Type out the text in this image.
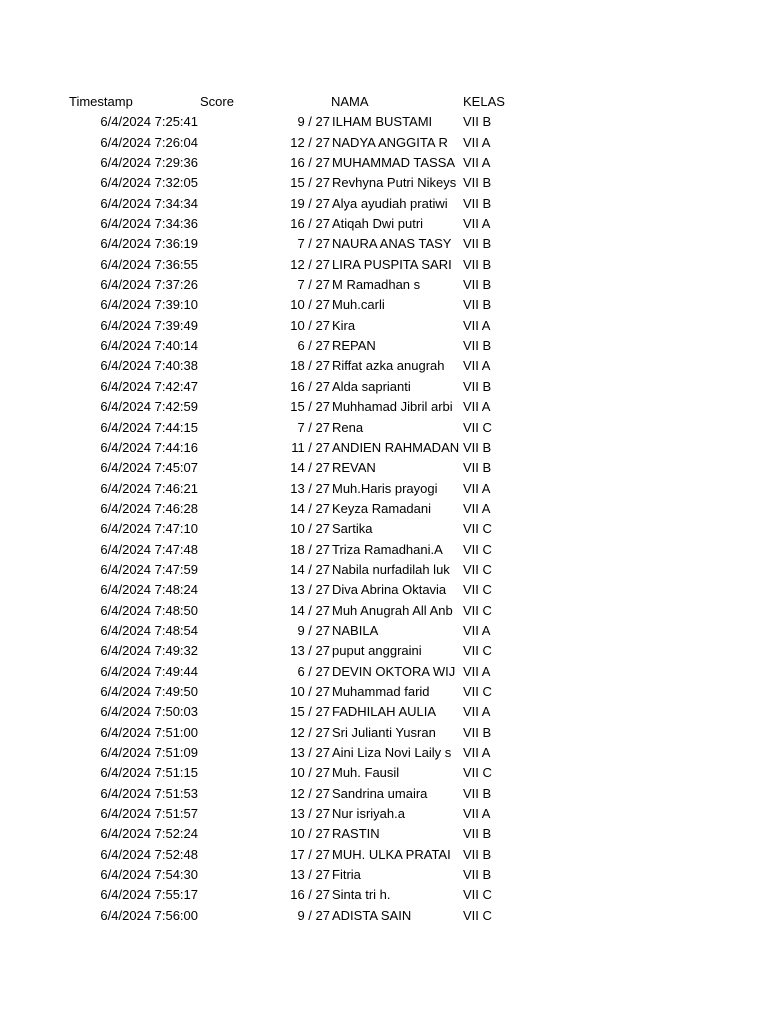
Timestamp	Score	NAMA	KELAS
6/4/2024 7:25:41	9 / 27 ILHAM BUSTAMI	VII B
6/4/2024 7:26:04	12 / 27 NADYA ANGGITA R	VII A
6/4/2024 7:29:36	16 / 27 MUHAMMAD TASSA VII A
6/4/2024 7:32:05	15 / 27 Revhyna Putri Nikeys VII B
6/4/2024 7:34:34	19 / 27 Alya ayudiah pratiwi	VII B
6/4/2024 7:34:36	16 / 27 Atiqah Dwi putri	VII A
6/4/2024 7:36:19	7 / 27 NAURA ANAS TASY VII B
6/4/2024 7:36:55	12 / 27 LIRA PUSPITA SARI VII B
6/4/2024 7:37:26	7 / 27 M Ramadhan s	VII B
6/4/2024 7:39:10	10 / 27 Muh.carli	VII B
6/4/2024 7:39:49	10 / 27 Kira	VII A
6/4/2024 7:40:14	6 / 27 REPAN	VII B
6/4/2024 7:40:38	18 / 27 Riffat azka anugrah	VII A
6/4/2024 7:42:47	16 / 27 Alda saprianti	VII B
6/4/2024 7:42:59	15 / 27 Muhhamad Jibril arbi VII A
6/4/2024 7:44:15	7 / 27 Rena	VII C
6/4/2024 7:44:16	11 / 27 ANDIEN RAHMADAN VII B
6/4/2024 7:45:07	14 / 27 REVAN	VII B
6/4/2024 7:46:21	13 / 27 Muh.Haris prayogi	VII A
6/4/2024 7:46:28	14 / 27 Keyza Ramadani	VII A
6/4/2024 7:47:10	10 / 27 Sartika	VII C
6/4/2024 7:47:48	18 / 27 Triza Ramadhani.A	VII C
6/4/2024 7:47:59	14 / 27 Nabila nurfadilah luk	VII C
6/4/2024 7:48:24	13 / 27 Diva Abrina Oktavia	VII C
6/4/2024 7:48:50	14 / 27 Muh Anugrah All Anb VII C
6/4/2024 7:48:54	9 / 27 NABILA	VII A
6/4/2024 7:49:32	13 / 27 puput anggraini	VII C
6/4/2024 7:49:44	6 / 27 DEVIN OKTORA WIJ VII A
6/4/2024 7:49:50	10 / 27 Muhammad farid	VII C
6/4/2024 7:50:03	15 / 27 FADHILAH AULIA	VII A
6/4/2024 7:51:00	12 / 27 Sri Julianti Yusran	VII B
6/4/2024 7:51:09	13 / 27 Aini Liza Novi Laily s VII A
6/4/2024 7:51:15	10 / 27 Muh. Fausil	VII C
6/4/2024 7:51:53	12 / 27 Sandrina umaira	VII B
6/4/2024 7:51:57	13 / 27 Nur isriyah.a	VII A
6/4/2024 7:52:24	10 / 27 RASTIN	VII B
6/4/2024 7:52:48	17 / 27 MUH. ULKA PRATAI VII B
6/4/2024 7:54:30	13 / 27 Fitria	VII B
6/4/2024 7:55:17	16 / 27 Sinta tri h.	VII C
6/4/2024 7:56:00	9 / 27 ADISTA SAIN	VII C
